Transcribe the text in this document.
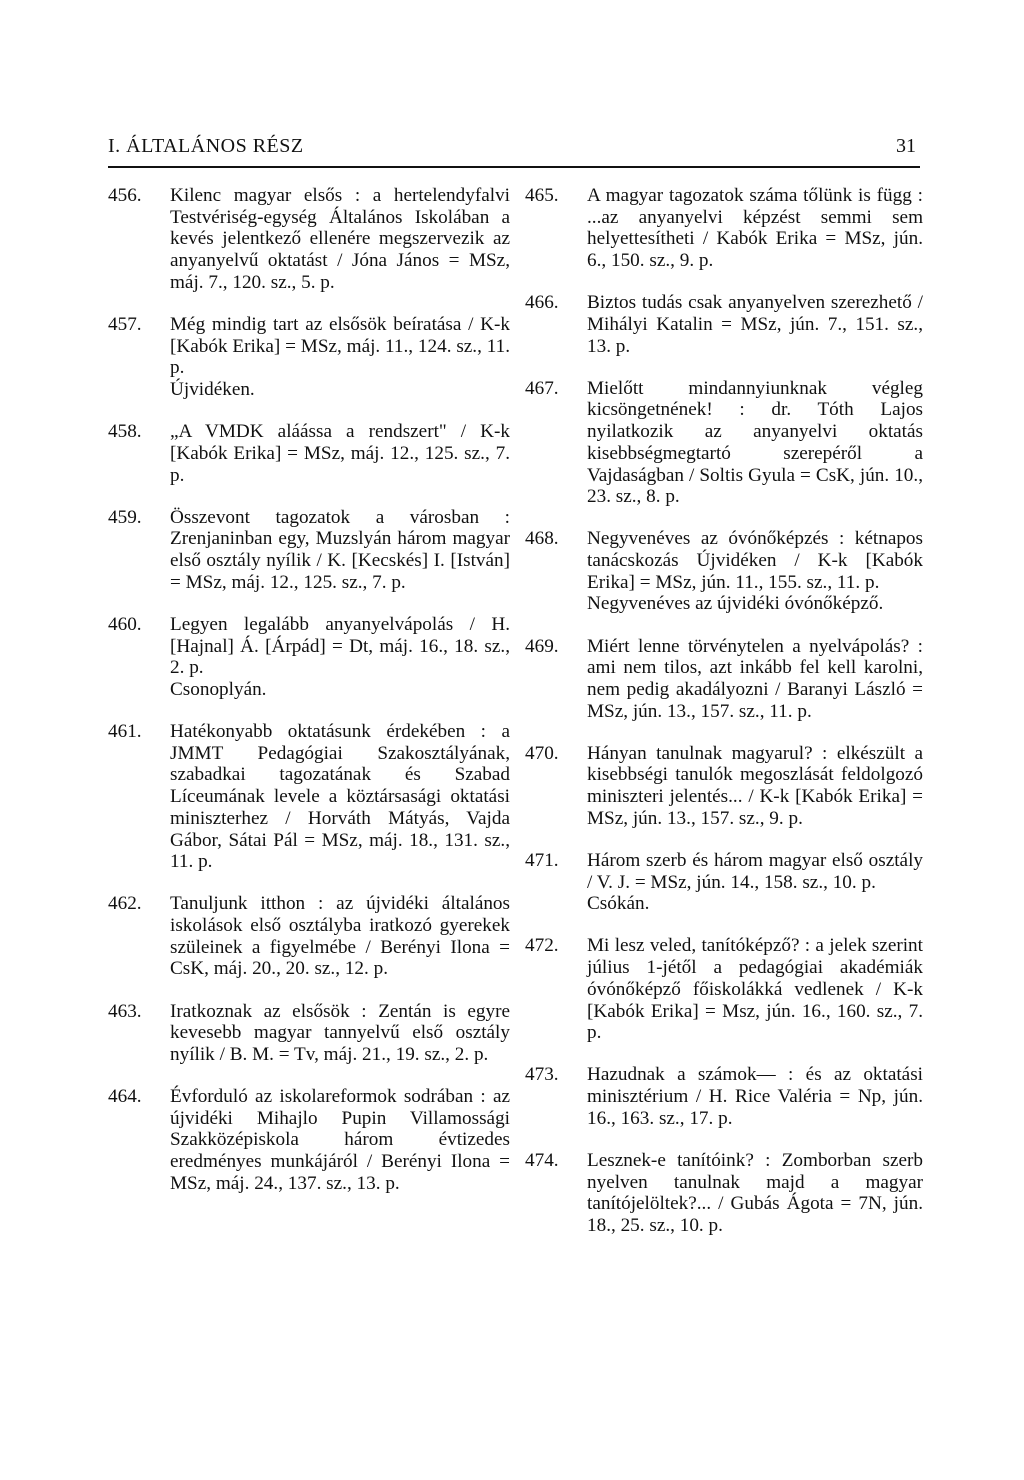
I. ÁLTALÁNOS RÉSZ	31
456. Kilenc magyar elsős : a hertelendyfalvi Testvériség-egység Általános Iskolában a kevés jelentkező ellenére megszervezik az anyanyelvű oktatást / Jóna János = MSz, máj. 7., 120. sz., 5. p.
457. Még mindig tart az elsősök beíratása / K-k [Kabók Erika] = MSz, máj. 11., 124. sz., 11. p.
Újvidéken.
458. „A VMDK aláássa a rendszert" / K-k [Kabók Erika] = MSz, máj. 12., 125. sz., 7. p.
459. Összevont tagozatok a városban : Zrenjaninban egy, Muzslyán három magyar első osztály nyílik / K. [Kecskés] I. [István] = MSz, máj. 12., 125. sz., 7. p.
460. Legyen legalább anyanyelvápolás / H. [Hajnal] Á. [Árpád] = Dt, máj. 16., 18. sz., 2. p.
Csonoplyán.
461. Hatékonyabb oktatásunk érdekében : a JMMT Pedagógiai Szakosztályának, szabadkai tagozatának és Szabad Líceumának levele a köztársasági oktatási miniszterhez / Horváth Mátyás, Vajda Gábor, Sátai Pál = MSz, máj. 18., 131. sz., 11. p.
462. Tanuljunk itthon : az újvidéki általános iskolások első osztályba iratkozó gyerekek szüleinek a figyelmébe / Berényi Ilona = CsK, máj. 20., 20. sz., 12. p.
463. Iratkoznak az elsősök : Zentán is egyre kevesebb magyar tannyelvű első osztály nyílik / B. M. = Tv, máj. 21., 19. sz., 2. p.
464. Évforduló az iskolareformok sodrában : az újvidéki Mihajlo Pupin Villamossági Szakközépiskola három évtizedes eredményes munkájáról / Berényi Ilona = MSz, máj. 24., 137. sz., 13. p.
465. A magyar tagozatok száma tőlünk is függ : ...az anyanyelvi képzést semmi sem helyettesítheti / Kabók Erika = MSz, jún. 6., 150. sz., 9. p.
466. Biztos tudás csak anyanyelven szerezhető / Mihályi Katalin = MSz, jún. 7., 151. sz., 13. p.
467. Mielőtt mindannyiunknak végleg kicsöngetnének! : dr. Tóth Lajos nyilatkozik az anyanyelvi oktatás kisebbségmegtartó szerepéről a Vajdaságban / Soltis Gyula = CsK, jún. 10., 23. sz., 8. p.
468. Negyvenéves az óvónőképzés : kétnapos tanácskozás Újvidéken / K-k [Kabók Erika] = MSz, jún. 11., 155. sz., 11. p.
Negyvenéves az újvidéki óvónőképző.
469. Miért lenne törvénytelen a nyelvápolás? : ami nem tilos, azt inkább fel kell karolni, nem pedig akadályozni / Baranyi László = MSz, jún. 13., 157. sz., 11. p.
470. Hányan tanulnak magyarul? : elkészült a kisebbségi tanulók megoszlását feldolgozó miniszteri jelentés... / K-k [Kabók Erika] = MSz, jún. 13., 157. sz., 9. p.
471. Három szerb és három magyar első osztály / V. J. = MSz, jún. 14., 158. sz., 10. p.
Csókán.
472. Mi lesz veled, tanítóképző? : a jelek szerint július 1-jétől a pedagógiai akadémiák óvónőképző főiskolákká vedlenek / K-k [Kabók Erika] = Msz, jún. 16., 160. sz., 7. p.
473. Hazudnak a számok— : és az oktatási minisztérium / H. Rice Valéria = Np, jún. 16., 163. sz., 17. p.
474. Lesznek-e tanítóink? : Zomborban szerb nyelven tanulnak majd a magyar tanítójelöltek?... / Gubás Ágota = 7N, jún. 18., 25. sz., 10. p.
